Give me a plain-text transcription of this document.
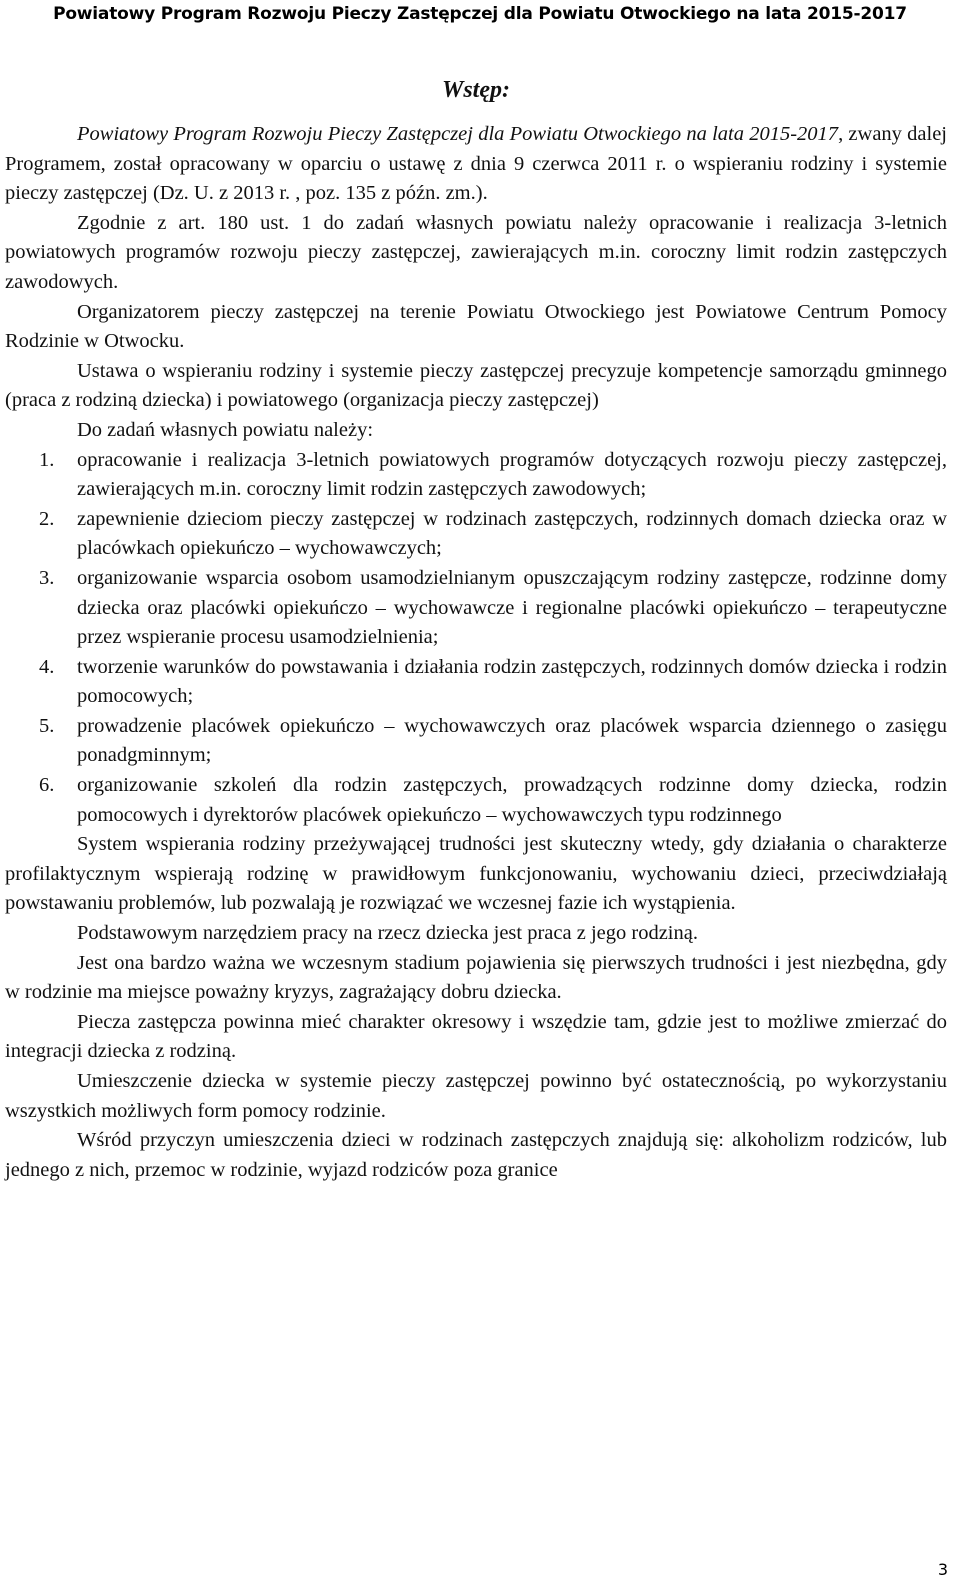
Powiatowy Program Rozwoju Pieczy Zastępczej dla Powiatu Otwockiego na lata 2015-2017
Wstęp:

Powiatowy Program Rozwoju Pieczy Zastępczej dla Powiatu Otwockiego na lata 2015-2017, zwany dalej Programem, został opracowany w oparciu o ustawę z dnia 9 czerwca 2011 r. o wspieraniu rodziny i systemie pieczy zastępczej (Dz. U. z 2013 r. , poz. 135 z późn. zm.).

Zgodnie z art. 180 ust. 1 do zadań własnych powiatu należy opracowanie i realizacja 3-letnich powiatowych programów rozwoju pieczy zastępczej, zawierających m.in. coroczny limit rodzin zastępczych zawodowych.

Organizatorem pieczy zastępczej na terenie Powiatu Otwockiego jest Powiatowe Centrum Pomocy Rodzinie w Otwocku.

Ustawa o wspieraniu rodziny i systemie pieczy zastępczej precyzuje kompetencje samorządu gminnego (praca z rodziną dziecka) i powiatowego (organizacja pieczy zastępczej)

Do zadań własnych powiatu należy:

1. opracowanie i realizacja 3-letnich powiatowych programów dotyczących rozwoju pieczy zastępczej, zawierających m.in. coroczny limit rodzin zastępczych zawodowych;
2. zapewnienie dzieciom pieczy zastępczej w rodzinach zastępczych, rodzinnych domach dziecka oraz w placówkach opiekuńczo – wychowawczych;
3. organizowanie wsparcia osobom usamodzielnianym opuszczającym rodziny zastępcze, rodzinne domy dziecka oraz placówki opiekuńczo – wychowawcze i regionalne placówki opiekuńczo – terapeutyczne przez wspieranie procesu usamodzielnienia;
4. tworzenie warunków do powstawania i działania rodzin zastępczych, rodzinnych domów dziecka i rodzin pomocowych;
5. prowadzenie placówek opiekuńczo – wychowawczych oraz placówek wsparcia dziennego o zasięgu ponadgminnym;
6. organizowanie szkoleń dla rodzin zastępczych, prowadzących rodzinne domy dziecka, rodzin pomocowych i dyrektorów placówek opiekuńczo – wychowawczych typu rodzinnego

System wspierania rodziny przeżywającej trudności jest skuteczny wtedy, gdy działania o charakterze profilaktycznym wspierają rodzinę w prawidłowym funkcjonowaniu, wychowaniu dzieci, przeciwdziałają powstawaniu problemów, lub pozwalają je rozwiązać we wczesnej fazie ich wystąpienia.

Podstawowym narzędziem pracy na rzecz dziecka jest praca z jego rodziną.

Jest ona bardzo ważna we wczesnym stadium pojawienia się pierwszych trudności i jest niezbędna, gdy w rodzinie ma miejsce poważny kryzys, zagrażający dobru dziecka.

Piecza zastępcza powinna mieć charakter okresowy i wszędzie tam, gdzie jest to możliwe zmierzać do integracji dziecka z rodziną.

Umieszczenie dziecka w systemie pieczy zastępczej powinno być ostatecznością, po wykorzystaniu wszystkich możliwych form pomocy rodzinie.

Wśród przyczyn umieszczenia dzieci w rodzinach zastępczych znajdują się: alkoholizm rodziców, lub jednego z nich, przemoc w rodzinie, wyjazd rodziców poza granice

3
